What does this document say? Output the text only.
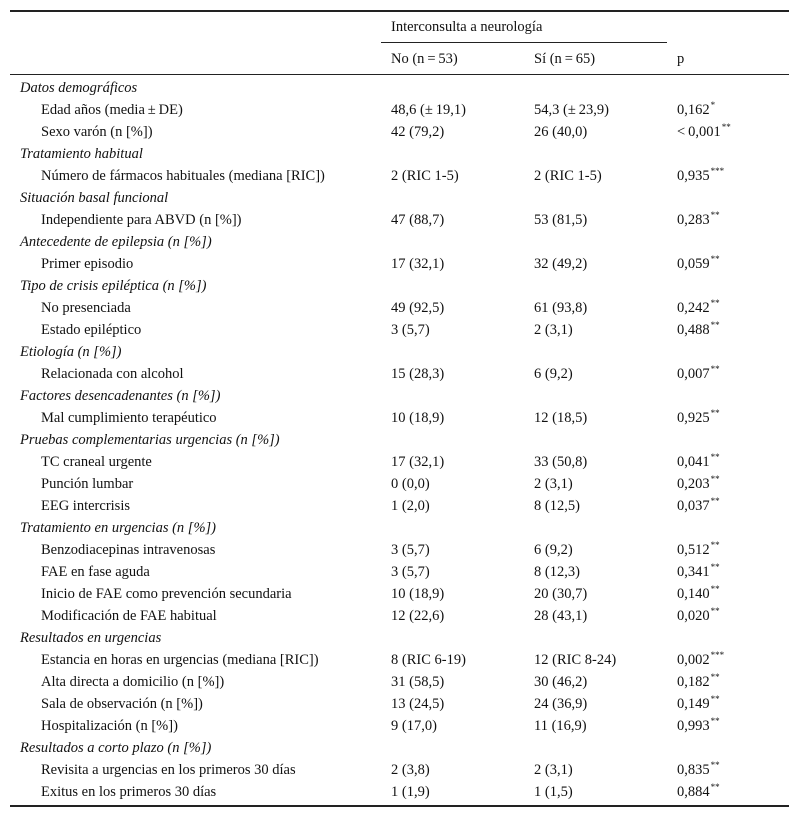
Interconsulta a neurología
No (n = 53)	Sí (n = 65)	p
Datos demográficos
Edad años (media ± DE)	48,6 (± 19,1)	54,3 (± 23,9)	0,162*
Sexo varón (n [%])	42 (79,2)	26 (40,0)	< 0,001**
Tratamiento habitual
Número de fármacos habituales (mediana [RIC])	2 (RIC 1-5)	2 (RIC 1-5)	0,935***
Situación basal funcional
Independiente para ABVD (n [%])	47 (88,7)	53 (81,5)	0,283**
Antecedente de epilepsia (n [%])
Primer episodio	17 (32,1)	32 (49,2)	0,059**
Tipo de crisis epiléptica (n [%])
No presenciada	49 (92,5)	61 (93,8)	0,242**
Estado epiléptico	3 (5,7)	2 (3,1)	0,488**
Etiología (n [%])
Relacionada con alcohol	15 (28,3)	6 (9,2)	0,007**
Factores desencadenantes (n [%])
Mal cumplimiento terapéutico	10 (18,9)	12 (18,5)	0,925**
Pruebas complementarias urgencias (n [%])
TC craneal urgente	17 (32,1)	33 (50,8)	0,041**
Punción lumbar	0 (0,0)	2 (3,1)	0,203**
EEG intercrisis	1 (2,0)	8 (12,5)	0,037**
Tratamiento en urgencias (n [%])
Benzodiacepinas intravenosas	3 (5,7)	6 (9,2)	0,512**
FAE en fase aguda	3 (5,7)	8 (12,3)	0,341**
Inicio de FAE como prevención secundaria	10 (18,9)	20 (30,7)	0,140**
Modificación de FAE habitual	12 (22,6)	28 (43,1)	0,020**
Resultados en urgencias
Estancia en horas en urgencias (mediana [RIC])	8 (RIC 6-19)	12 (RIC 8-24)	0,002***
Alta directa a domicilio (n [%])	31 (58,5)	30 (46,2)	0,182**
Sala de observación (n [%])	13 (24,5)	24 (36,9)	0,149**
Hospitalización (n [%])	9 (17,0)	11 (16,9)	0,993**
Resultados a corto plazo (n [%])
Revisita a urgencias en los primeros 30 días	2 (3,8)	2 (3,1)	0,835**
Exitus en los primeros 30 días	1 (1,9)	1 (1,5)	0,884**
